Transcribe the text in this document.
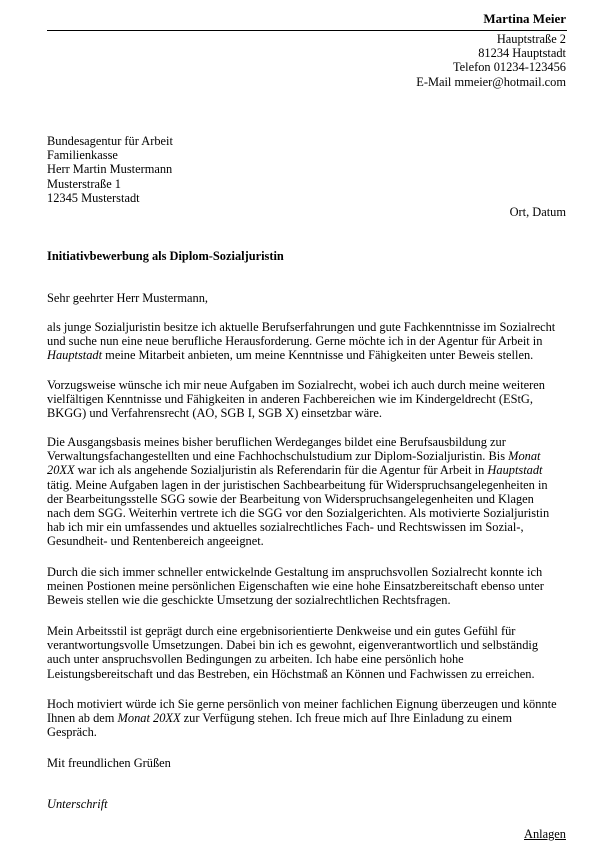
Martina Meier
Hauptstraße 2
81234 Hauptstadt
Telefon 01234-123456
E-Mail mmeier@hotmail.com
Bundesagentur für Arbeit
Familienkasse
Herr Martin Mustermann
Musterstraße 1
12345 Musterstadt
Ort, Datum
Initiativbewerbung als Diplom-Sozialjuristin
Sehr geehrter Herr Mustermann,
als junge Sozialjuristin besitze ich aktuelle Berufserfahrungen und gute Fachkenntnisse im Sozialrecht
und suche nun eine neue berufliche Herausforderung. Gerne möchte ich in der Agentur für Arbeit in
Hauptstadt meine Mitarbeit anbieten, um meine Kenntnisse und Fähigkeiten unter Beweis stellen.
Vorzugsweise wünsche ich mir neue Aufgaben im Sozialrecht, wobei ich auch durch meine weiteren
vielfältigen Kenntnisse und Fähigkeiten in anderen Fachbereichen wie im Kindergeldrecht (EStG,
BKGG) und Verfahrensrecht (AO, SGB I, SGB X) einsetzbar wäre.
Die Ausgangsbasis meines bisher beruflichen Werdeganges bildet eine Berufsausbildung zur
Verwaltungsfachangestellten und eine Fachhochschulstudium zur Diplom-Sozialjuristin. Bis Monat
20XX war ich als angehende Sozialjuristin als Referendarin für die Agentur für Arbeit in Hauptstadt
tätig. Meine Aufgaben lagen in der juristischen Sachbearbeitung für Widerspruchsangelegenheiten in
der Bearbeitungsstelle SGG sowie der Bearbeitung von Widerspruchsangelegenheiten und Klagen
nach dem SGG. Weiterhin vertrete ich die SGG vor den Sozialgerichten. Als motivierte Sozialjuristin
hab ich mir ein umfassendes und aktuelles sozialrechtliches Fach- und Rechtswissen im Sozial-,
Gesundheit- und Rentenbereich angeeignet.
Durch die sich immer schneller entwickelnde Gestaltung im anspruchsvollen Sozialrecht konnte ich
meinen Postionen meine persönlichen Eigenschaften wie eine hohe Einsatzbereitschaft ebenso unter
Beweis stellen wie die geschickte Umsetzung der sozialrechtlichen Rechtsfragen.
Mein Arbeitsstil ist geprägt durch eine ergebnisorientierte Denkweise und ein gutes Gefühl für
verantwortungsvolle Umsetzungen. Dabei bin ich es gewohnt, eigenverantwortlich und selbständig
auch unter anspruchsvollen Bedingungen zu arbeiten. Ich habe eine persönlich hohe
Leistungsbereitschaft und das Bestreben, ein Höchstmaß an Können und Fachwissen zu erreichen.
Hoch motiviert würde ich Sie gerne persönlich von meiner fachlichen Eignung überzeugen und könnte
Ihnen ab dem Monat 20XX zur Verfügung stehen. Ich freue mich auf Ihre Einladung zu einem
Gespräch.
Mit freundlichen Grüßen
Unterschrift
Anlagen
